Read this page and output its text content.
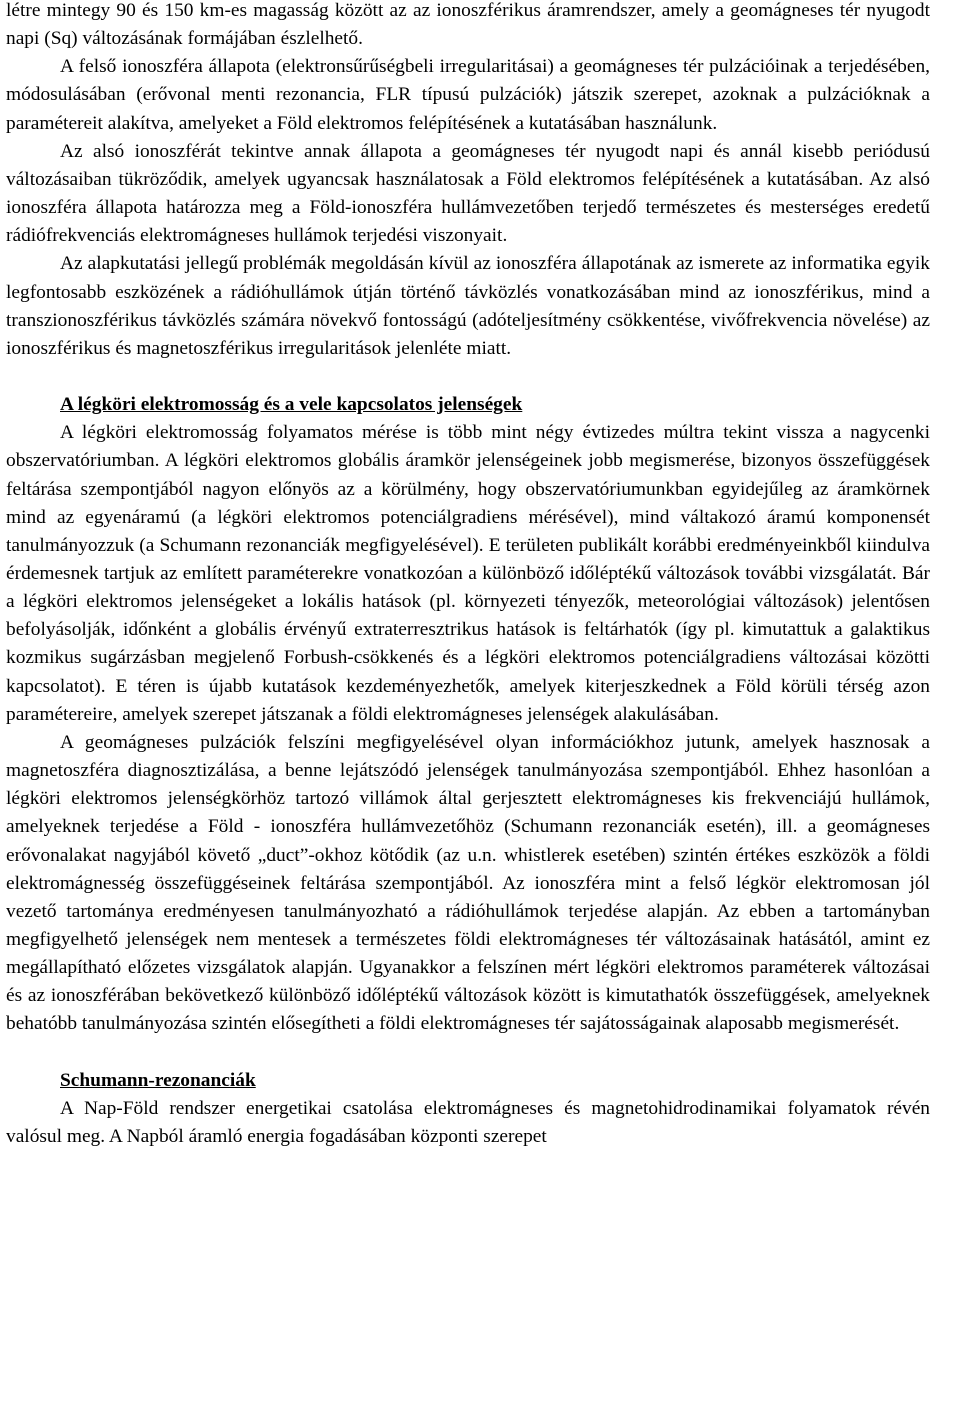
létre mintegy 90 és 150 km-es magasság között az az ionoszférikus áramrendszer, amely a geomágneses tér nyugodt napi (Sq) változásának formájában észlelhető.

A felső ionoszféra állapota (elektronsűrűségbeli irregularitásai) a geomágneses tér pulzációinak a terjedésében, módosulásában (erővonal menti rezonancia, FLR típusú pulzációk) játszik szerepet, azoknak a pulzációknak a paramétereit alakítva, amelyeket a Föld elektromos felépítésének a kutatásában használunk.

Az alsó ionoszférát tekintve annak állapota a geomágneses tér nyugodt napi és annál kisebb periódusú változásaiban tükröződik, amelyek ugyancsak használatosak a Föld elektromos felépítésének a kutatásában. Az alsó ionoszféra állapota határozza meg a Föld-ionoszféra hullámvezetőben terjedő természetes és mesterséges eredetű rádiófrekvenciás elektromágneses hullámok terjedési viszonyait.

Az alapkutatási jellegű problémák megoldásán kívül az ionoszféra állapotának az ismerete az informatika egyik legfontosabb eszközének a rádióhullámok útján történő távközlés vonatkozásában mind az ionoszférikus, mind a transzionoszférikus távközlés számára növekvő fontosságú (adóteljesítmény csökkentése, vivőfrekvencia növelése) az ionoszférikus és magnetoszférikus irregularitások jelenléte miatt.

A légköri elektromosság és a vele kapcsolatos jelenségek

A légköri elektromosság folyamatos mérése is több mint négy évtizedes múltra tekint vissza a nagycenki obszervatóriumban. A légköri elektromos globális áramkör jelenségeinek jobb megismerése, bizonyos összefüggések feltárása szempontjából nagyon előnyös az a körülmény, hogy obszervatóriumunkban egyidejűleg az áramkörnek mind az egyenáramú (a légköri elektromos potenciálgradiens mérésével), mind váltakozó áramú komponensét tanulmányozzuk (a Schumann rezonanciák megfigyelésével). E területen publikált korábbi eredményeinkből kiindulva érdemesnek tartjuk az említett paraméterekre vonatkozóan a különböző időléptékű változások további vizsgálatát. Bár a légköri elektromos jelenségeket a lokális hatások (pl. környezeti tényezők, meteorológiai változások) jelentősen befolyásolják, időnként a globális érvényű extraterresztrikus hatások is feltárhatók (így pl. kimutattuk a galaktikus kozmikus sugárzásban megjelenő Forbush-csökkenés és a légköri elektromos potenciálgradiens változásai közötti kapcsolatot). E téren is újabb kutatások kezdeményezhetők, amelyek kiterjeszkednek a Föld körüli térség azon paramétereire, amelyek szerepet játszanak a földi elektromágneses jelenségek alakulásában.

A geomágneses pulzációk felszíni megfigyelésével olyan információkhoz jutunk, amelyek hasznosak a magnetoszféra diagnosztizálása, a benne lejátszódó jelenségek tanulmányozása szempontjából. Ehhez hasonlóan a légköri elektromos jelenségkörhöz tartozó villámok által gerjesztett elektromágneses kis frekvenciájú hullámok, amelyeknek terjedése a Föld - ionoszféra hullámvezetőhöz (Schumann rezonanciák esetén), ill. a geomágneses erővonalakat nagyjából követő „duct”-okhoz kötődik (az u.n. whistlerek esetében) szintén értékes eszközök a földi elektromágnesség összefüggéseinek feltárása szempontjából. Az ionoszféra mint a felső légkör elektromosan jól vezető tartománya eredményesen tanulmányozható a rádióhullámok terjedése alapján. Az ebben a tartományban megfigyelhető jelenségek nem mentesek a természetes földi elektromágneses tér változásainak hatásától, amint ez megállapítható előzetes vizsgálatok alapján. Ugyanakkor a felszínen mért légköri elektromos paraméterek változásai és az ionoszférában bekövetkező különböző időléptékű változások között is kimutathatók összefüggések, amelyeknek behatóbb tanulmányozása szintén elősegítheti a földi elektromágneses tér sajátosságainak alaposabb megismerését.

Schumann-rezonanciák

A Nap-Föld rendszer energetikai csatolása elektromágneses és magnetohidrodinamikai folyamatok révén valósul meg. A Napból áramló energia fogadásában központi szerepet
